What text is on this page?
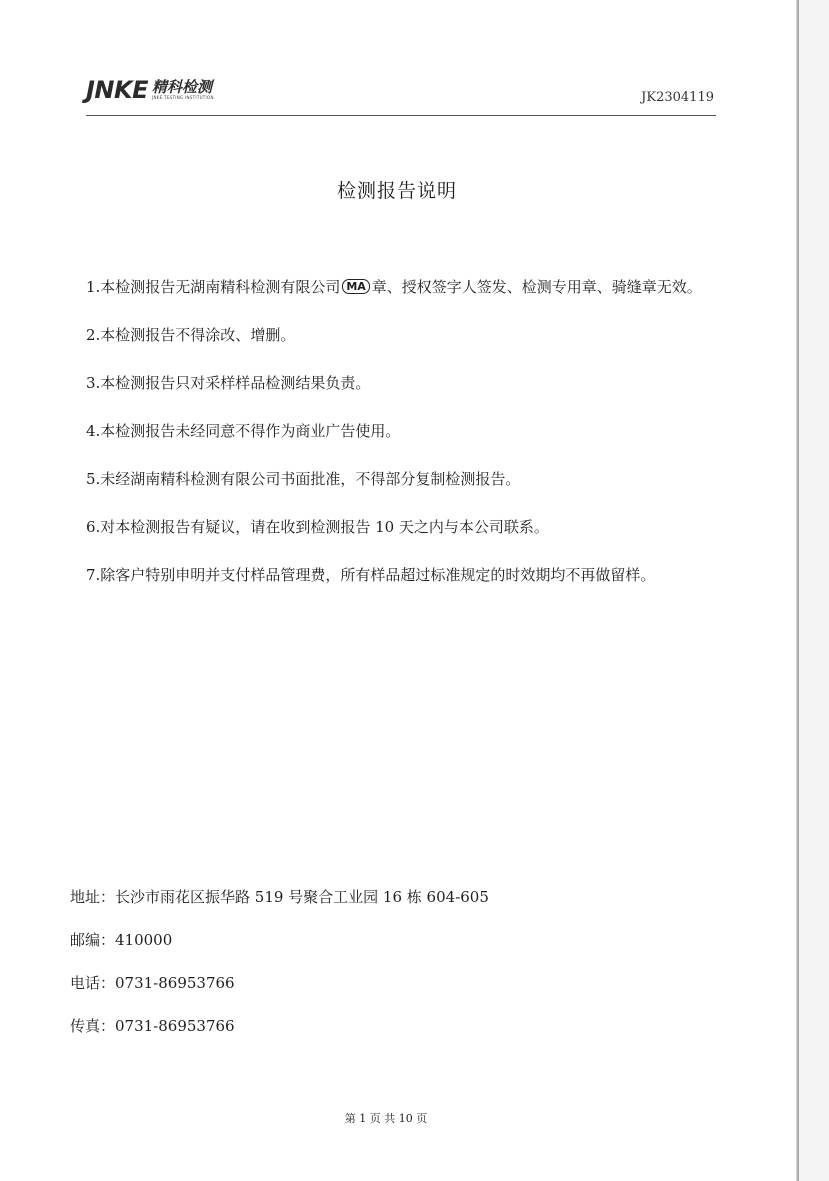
JNKE 精科检测
JNKE TESTING INSTITUTION	JK2304119
检测报告说明

1.本检测报告无湖南精科检测有限公司 MA 章、授权签字人签发、检测专用章、骑缝章无效。

2.本检测报告不得涂改、增删。

3.本检测报告只对采样样品检测结果负责。

4.本检测报告未经同意不得作为商业广告使用。

5.未经湖南精科检测有限公司书面批准，不得部分复制检测报告。

6.对本检测报告有疑议，请在收到检测报告 10 天之内与本公司联系。

7.除客户特别申明并支付样品管理费，所有样品超过标准规定的时效期均不再做留样。

地址：长沙市雨花区振华路 519 号聚合工业园 16 栋 604-605
邮编：410000
电话：0731-86953766
传真：0731-86953766
第 1 页 共 10 页
